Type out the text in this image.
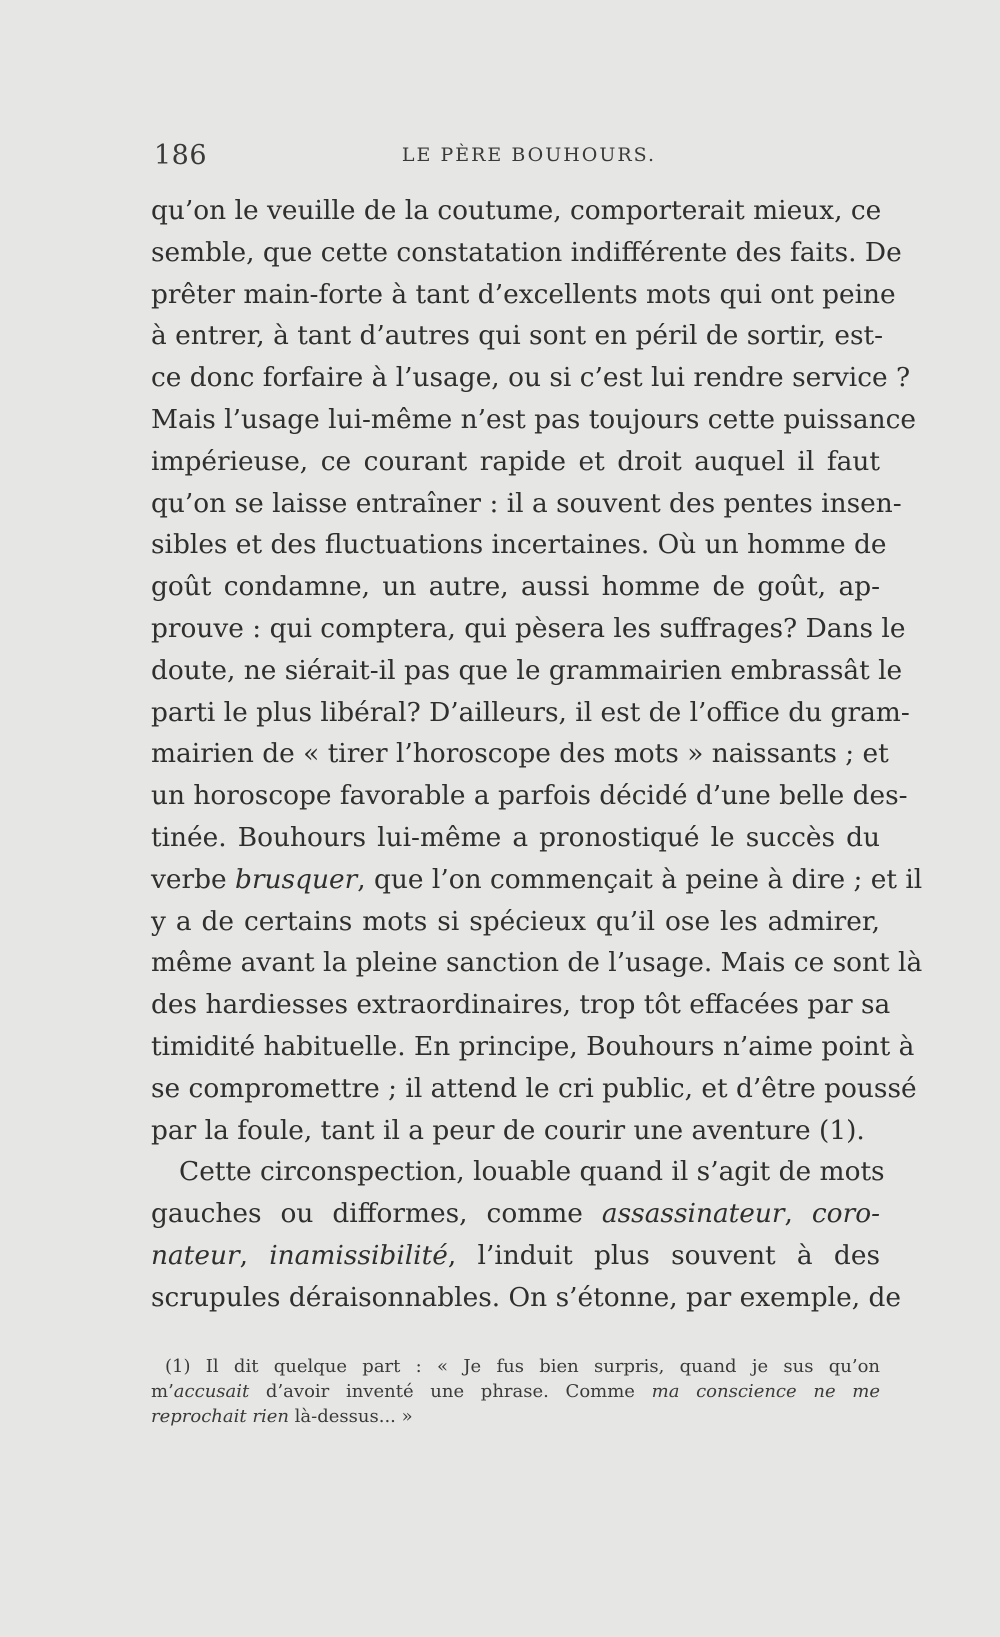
186	LE PÈRE BOUHOURS.
qu’on le veuille de la coutume, comporterait mieux, ce
semble, que cette constatation indifférente des faits. De
prêter main-forte à tant d’excellents mots qui ont peine
à entrer, à tant d’autres qui sont en péril de sortir, est-
ce donc forfaire à l’usage, ou si c’est lui rendre service ?
Mais l’usage lui-même n’est pas toujours cette puissance
impérieuse, ce courant rapide et droit auquel il faut
qu’on se laisse entraîner : il a souvent des pentes insen-
sibles et des fluctuations incertaines. Où un homme de
goût condamne, un autre, aussi homme de goût, ap-
prouve : qui comptera, qui pèsera les suffrages? Dans le
doute, ne siérait-il pas que le grammairien embrassât le
parti le plus libéral? D’ailleurs, il est de l’office du gram-
mairien de « tirer l’horoscope des mots » naissants ; et
un horoscope favorable a parfois décidé d’une belle des-
tinée. Bouhours lui-même a pronostiqué le succès du
verbe brusquer, que l’on commençait à peine à dire ; et il
y a de certains mots si spécieux qu’il ose les admirer,
même avant la pleine sanction de l’usage. Mais ce sont là
des hardiesses extraordinaires, trop tôt effacées par sa
timidité habituelle. En principe, Bouhours n’aime point à
se compromettre ; il attend le cri public, et d’être poussé
par la foule, tant il a peur de courir une aventure (1).
Cette circonspection, louable quand il s’agit de mots
gauches ou difformes, comme assassinateur, coro-
nateur, inamissibilité, l’induit plus souvent à des
scrupules déraisonnables. On s’étonne, par exemple, de
(1) Il dit quelque part : « Je fus bien surpris, quand je sus qu’on
m’accusait d’avoir inventé une phrase. Comme ma conscience ne me
reprochait rien là-dessus... »
